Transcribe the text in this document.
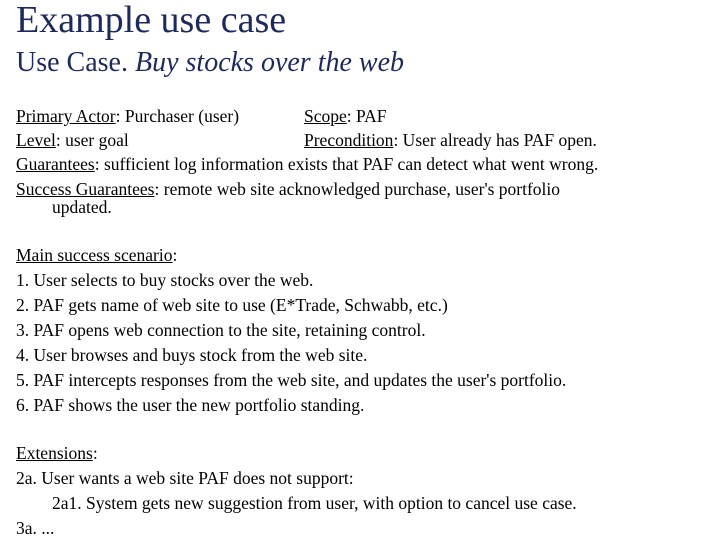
Example use case
Use Case. Buy stocks over the web
Primary Actor: Purchaser (user)	Scope: PAF
Level: user goal	Precondition: User already has PAF open.
Guarantees: sufficient log information exists that PAF can detect what went wrong.
Success Guarantees: remote web site acknowledged purchase, user's portfolio
updated.
Main success scenario:
1. User selects to buy stocks over the web.
2. PAF gets name of web site to use (E*Trade, Schwabb, etc.)
3. PAF opens web connection to the site, retaining control.
4. User browses and buys stock from the web site.
5. PAF intercepts responses from the web site, and updates the user's portfolio.
6. PAF shows the user the new portfolio standing.
Extensions:
2a. User wants a web site PAF does not support:
2a1. System gets new suggestion from user, with option to cancel use case.
3a. ...
